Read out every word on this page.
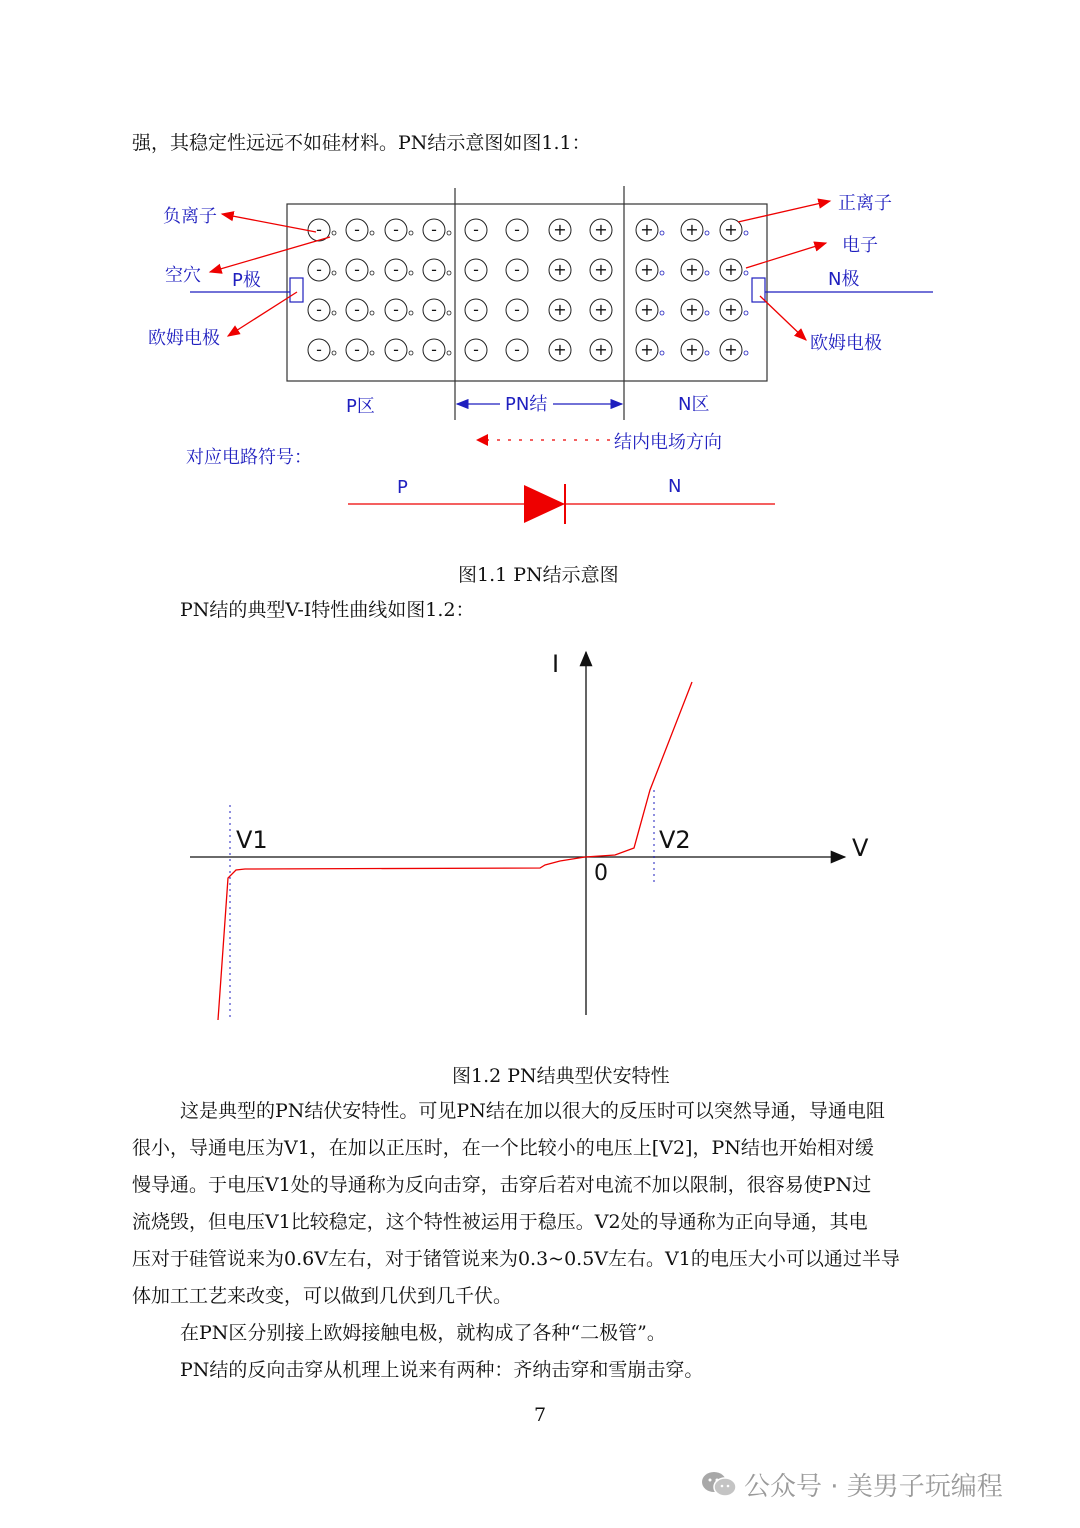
强，其稳定性远远不如硅材料。PN结示意图如图1.1：
- - - - - - + + + + +
- - - - - - + + + + +
- - - - - - + + + + +
- - - - - - + + + + +
负离子
空穴 P极
欧姆电极
正离子
电子
N极
欧姆电极
P区	N区
PN结
结内电场方向
对应电路符号：
P	N
图1.1 PN结示意图
PN结的典型V-I特性曲线如图1.2：
I
V
0
V1	V2
图1.2 PN结典型伏安特性
这是典型的PN结伏安特性。可见PN结在加以很大的反压时可以突然导通，导通电阻
很小，导通电压为V1，在加以正压时，在一个比较小的电压上[V2]，PN结也开始相对缓
慢导通。于电压V1处的导通称为反向击穿，击穿后若对电流不加以限制，很容易使PN过
流烧毁，但电压V1比较稳定，这个特性被运用于稳压。V2处的导通称为正向导通，其电
压对于硅管说来为0.6V左右，对于锗管说来为0.3~0.5V左右。V1的电压大小可以通过半导
体加工工艺来改变，可以做到几伏到几千伏。
在PN区分别接上欧姆接触电极，就构成了各种“二极管”。
PN结的反向击穿从机理上说来有两种：齐纳击穿和雪崩击穿。
7
公众号 · 美男子玩编程
